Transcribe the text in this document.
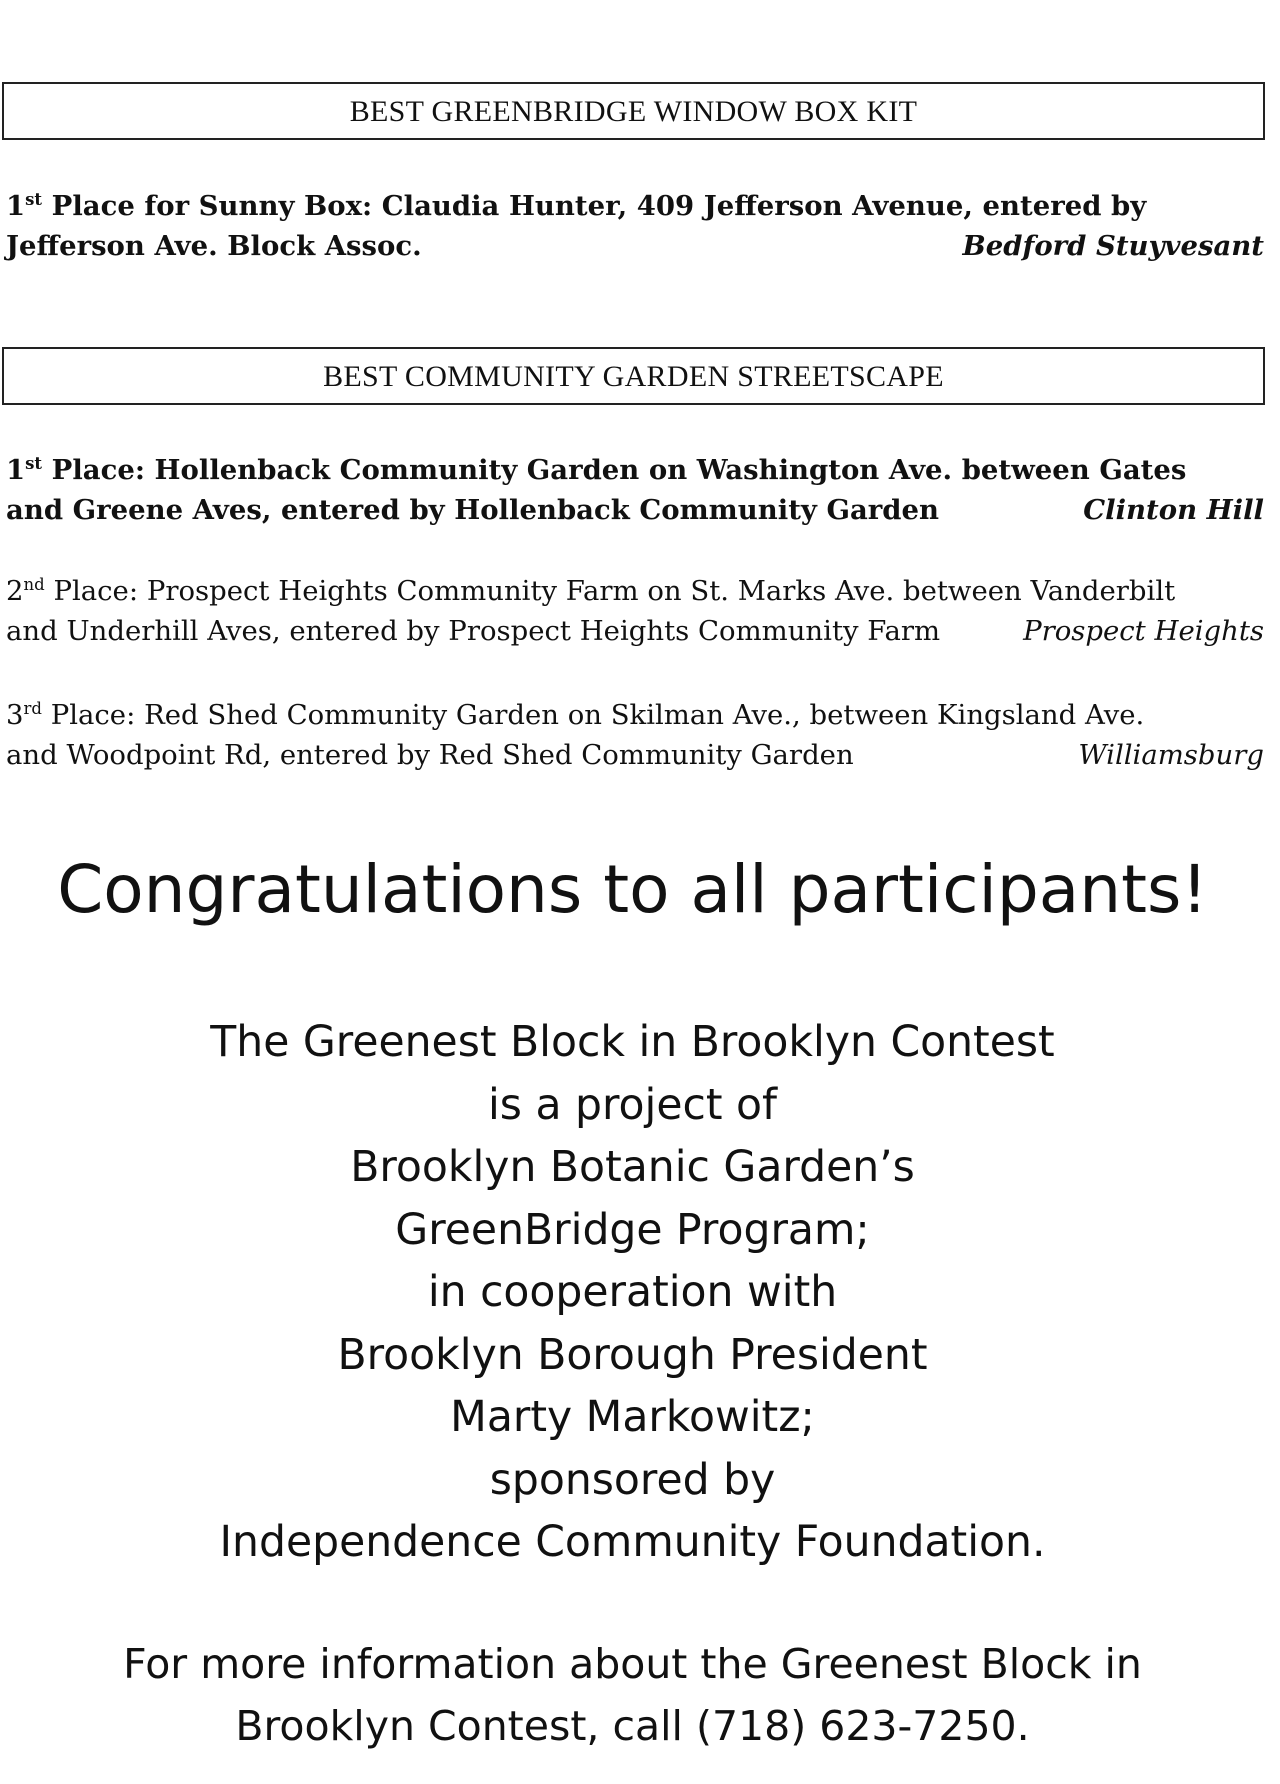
BEST GREENBRIDGE WINDOW BOX KIT
1st Place for Sunny Box: Claudia Hunter, 409 Jefferson Avenue, entered by
Jefferson Ave. Block Assoc.	Bedford Stuyvesant
BEST COMMUNITY GARDEN STREETSCAPE
1st Place: Hollenback Community Garden on Washington Ave. between Gates
and Greene Aves, entered by Hollenback Community Garden	Clinton Hill
2nd Place: Prospect Heights Community Farm on St. Marks Ave. between Vanderbilt
and Underhill Aves, entered by Prospect Heights Community Farm	Prospect Heights
3rd Place: Red Shed Community Garden on Skilman Ave., between Kingsland Ave.
and Woodpoint Rd, entered by Red Shed Community Garden	Williamsburg
Congratulations to all participants!
The Greenest Block in Brooklyn Contest
is a project of
Brooklyn Botanic Garden’s
GreenBridge Program;
in cooperation with
Brooklyn Borough President
Marty Markowitz;
sponsored by
Independence Community Foundation.
For more information about the Greenest Block in
Brooklyn Contest, call (718) 623-7250.
